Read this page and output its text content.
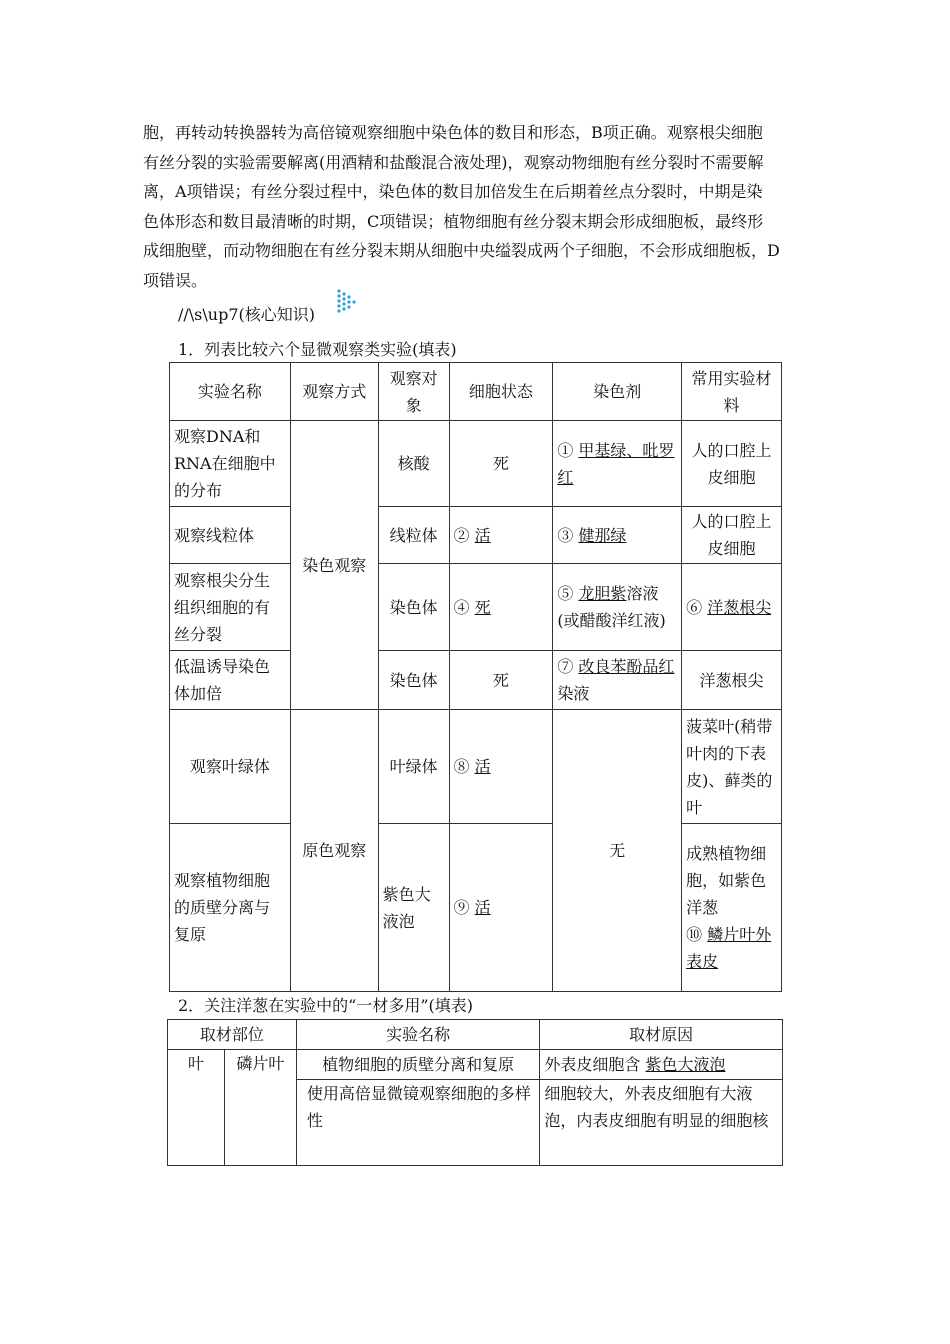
胞，再转动转换器转为高倍镜观察细胞中染色体的数目和形态，B项正确。观察根尖细胞
有丝分裂的实验需要解离(用酒精和盐酸混合液处理)，观察动物细胞有丝分裂时不需要解
离，A项错误；有丝分裂过程中，染色体的数目加倍发生在后期着丝点分裂时，中期是染
色体形态和数目最清晰的时期，C项错误；植物细胞有丝分裂末期会形成细胞板，最终形
成细胞壁，而动物细胞在有丝分裂末期从细胞中央缢裂成两个子细胞，不会形成细胞板，D
项错误。
//\s\up7(核心知识)
1．列表比较六个显微观察类实验(填表)
实验名称	观察方式	观察对象	细胞状态	染色剂	常用实验材料
观察DNA和RNA在细胞中的分布	染色观察	核酸	死	① 甲基绿、吡罗红	人的口腔上皮细胞
观察线粒体		线粒体	② 活	③ 健那绿	人的口腔上皮细胞
观察根尖分生组织细胞的有丝分裂		染色体	④ 死	⑤ 龙胆紫溶液(或醋酸洋红液)	⑥ 洋葱根尖
低温诱导染色体加倍		染色体	死	⑦ 改良苯酚品红染液	洋葱根尖
观察叶绿体	原色观察	叶绿体	⑧ 活	无	菠菜叶(稍带叶肉的下表皮)、藓类的叶
观察植物细胞的质壁分离与复原		紫色大液泡	⑨ 活		成熟植物细胞，如紫色洋葱
⑩ 鳞片叶外表皮
2．关注洋葱在实验中的“一材多用”(填表)
取材部位		实验名称	取材原因
叶	磷片叶	植物细胞的质壁分离和复原	外表皮细胞含 紫色大液泡
		使用高倍显微镜观察细胞的多样性	细胞较大，外表皮细胞有大液泡，内表皮细胞有明显的细胞核
